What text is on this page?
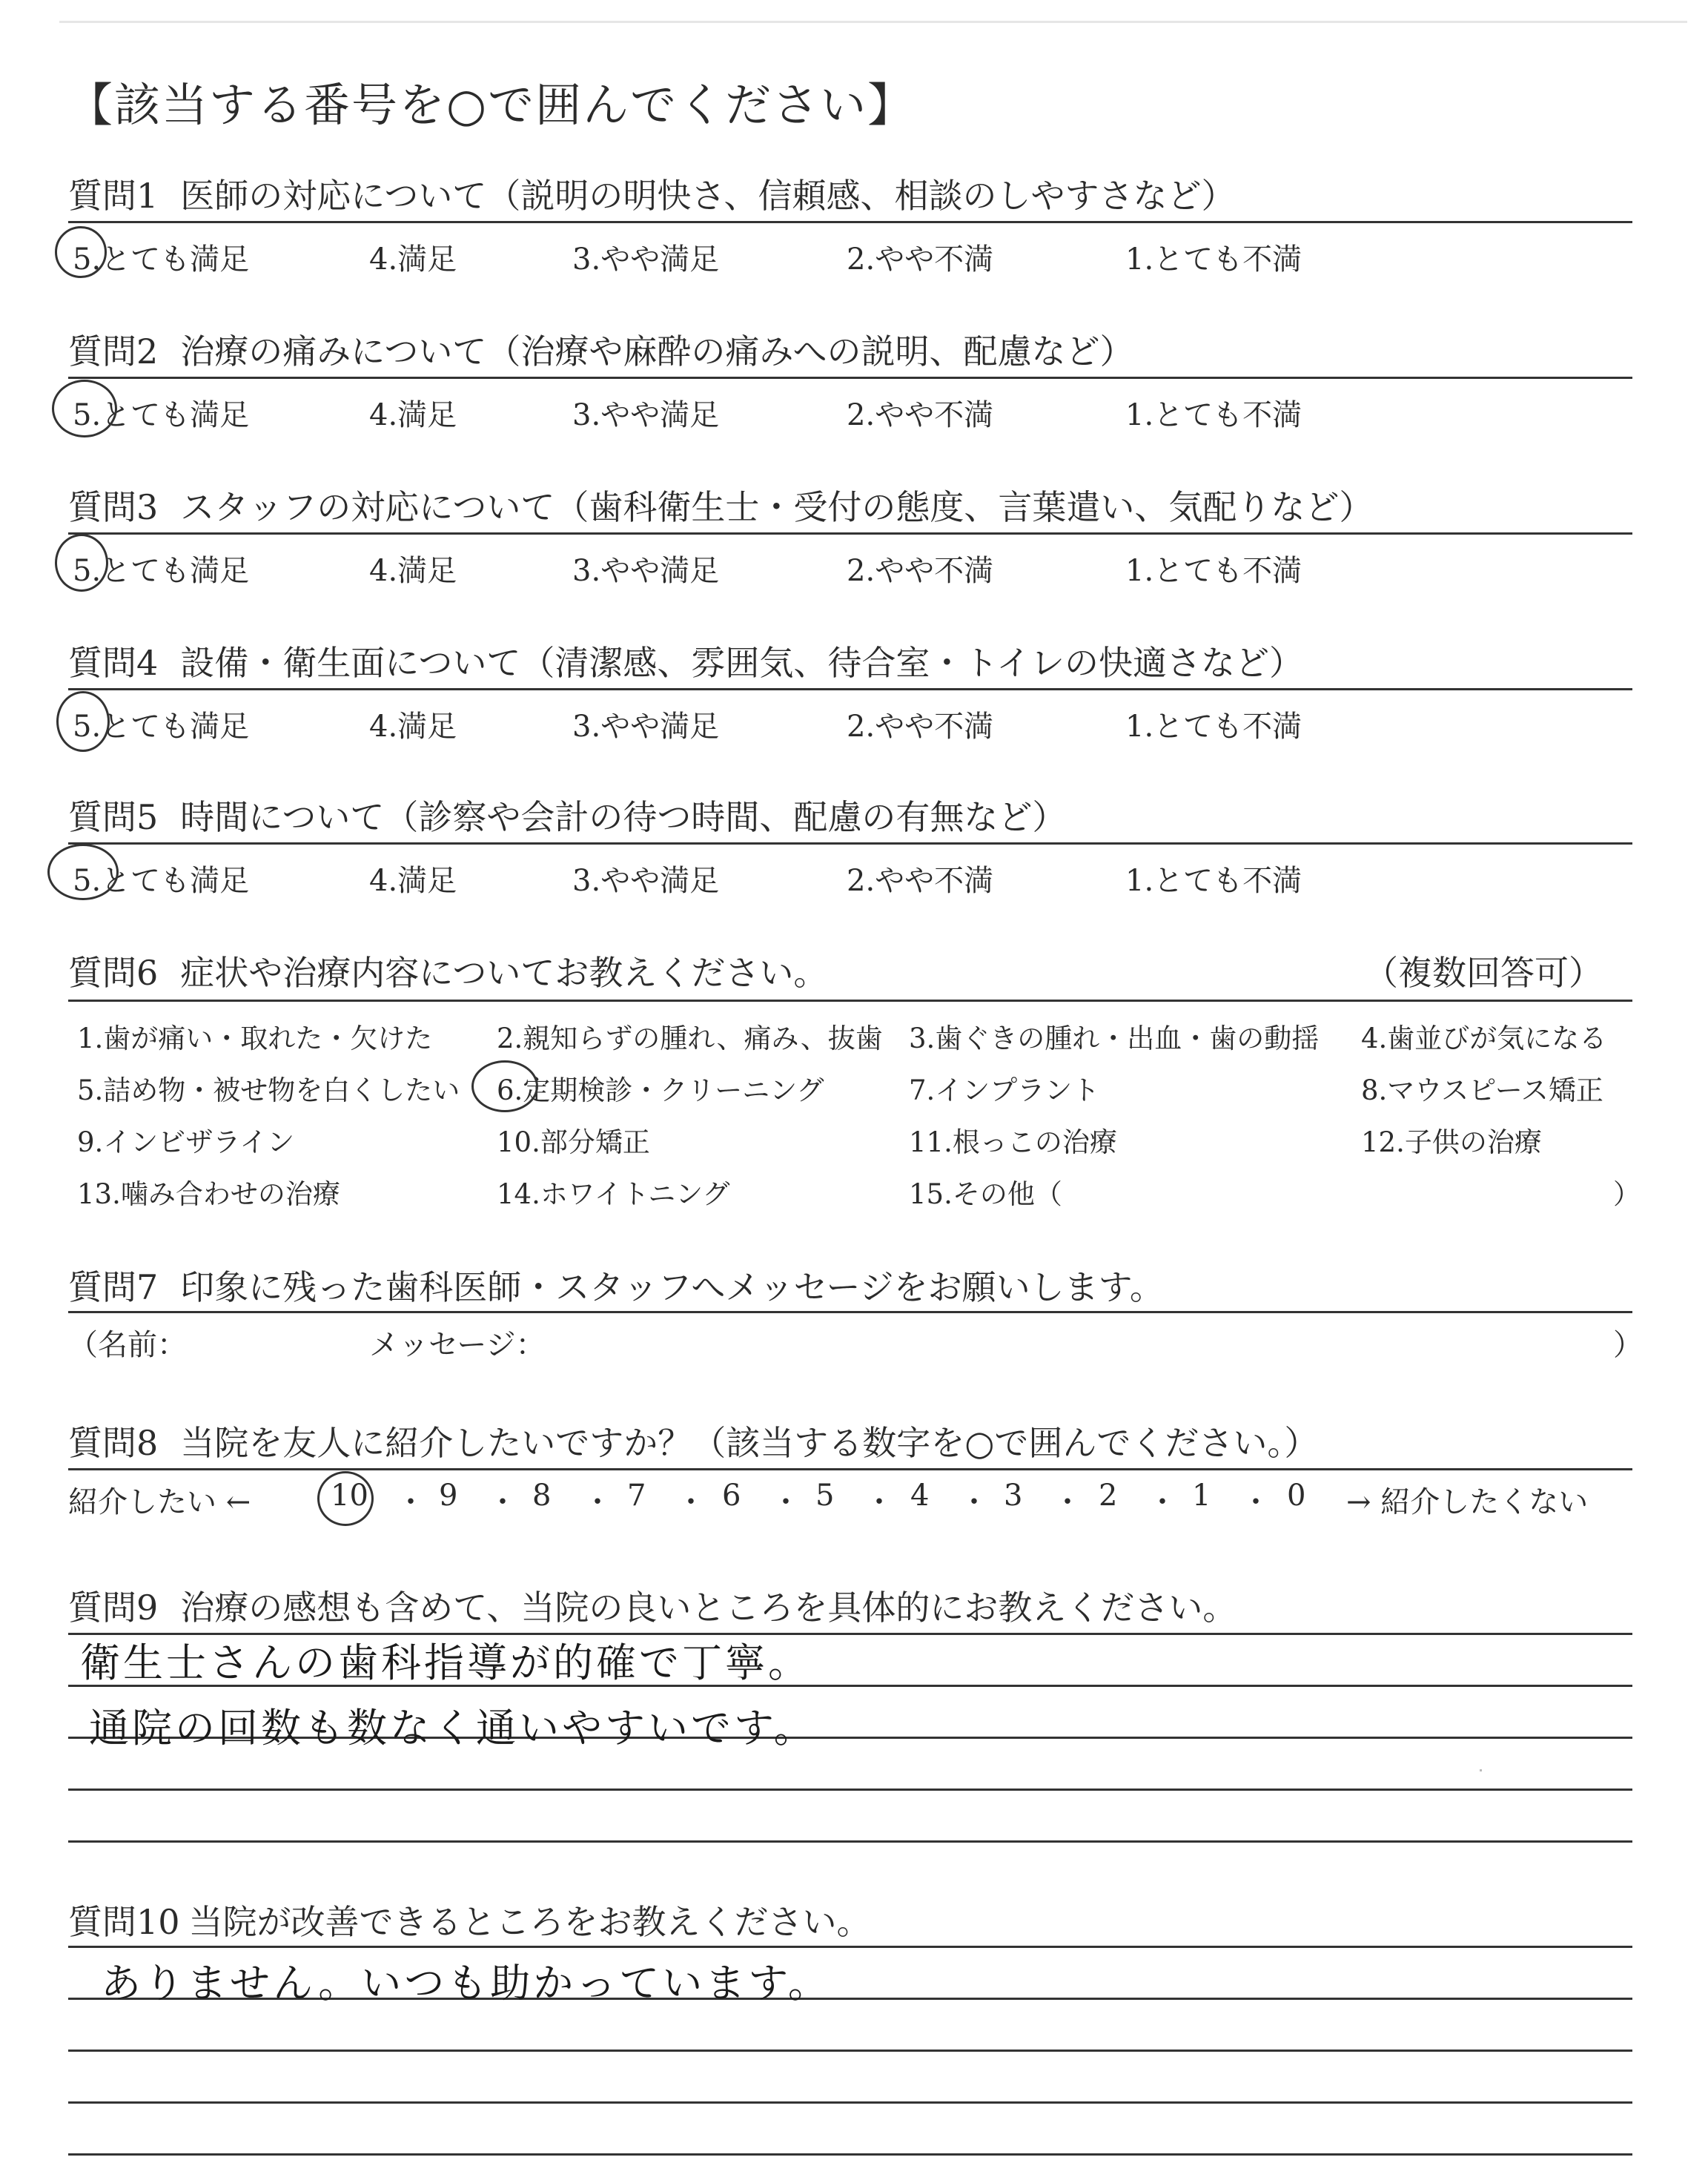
【該当する番号を○で囲んでください】
質問1 医師の対応について（説明の明快さ、信頼感、相談のしやすさなど）
5.とても満足	4.満足	3.やや満足	2.やや不満	1.とても不満
質問2 治療の痛みについて（治療や麻酔の痛みへの説明、配慮など）
5.とても満足	4.満足	3.やや満足	2.やや不満	1.とても不満
質問3 スタッフの対応について（歯科衛生士・受付の態度、言葉遣い、気配りなど）
5.とても満足	4.満足	3.やや満足	2.やや不満	1.とても不満
質問4 設備・衛生面について（清潔感、雰囲気、待合室・トイレの快適さなど）
5.とても満足	4.満足	3.やや満足	2.やや不満	1.とても不満
質問5 時間について（診察や会計の待つ時間、配慮の有無など）
5.とても満足	4.満足	3.やや満足	2.やや不満	1.とても不満
質問6 症状や治療内容についてお教えください。	（複数回答可）
1.歯が痛い・取れた・欠けた 2.親知らずの腫れ、痛み、抜歯 3.歯ぐきの腫れ・出血・歯の動揺 4.歯並びが気になる
5.詰め物・被せ物を白くしたい 6.定期検診・クリーニング	7.インプラント	8.マウスピース矯正
9.インビザライン	10.部分矯正	11.根っこの治療	12.子供の治療
13.噛み合わせの治療	14.ホワイトニング	15.その他（	）
質問7 印象に残った歯科医師・スタッフへメッセージをお願いします。
（名前：	メッセージ：	）
質問8 当院を友人に紹介したいですか？（該当する数字を○で囲んでください。）
紹介したい ←	→ 紹介したくない
10 ・ 9 ・ 8 ・ 7 ・ 6 ・ 5 ・ 4 ・ 3 ・ 2 ・ 1 ・ 0
質問9 治療の感想も含めて、当院の良いところを具体的にお教えください。
衛生士さんの歯科指導が的確で丁寧。
通院の回数も数なく通いやすいです。
質問10 当院が改善できるところをお教えください。
ありません。いつも助かっています。
